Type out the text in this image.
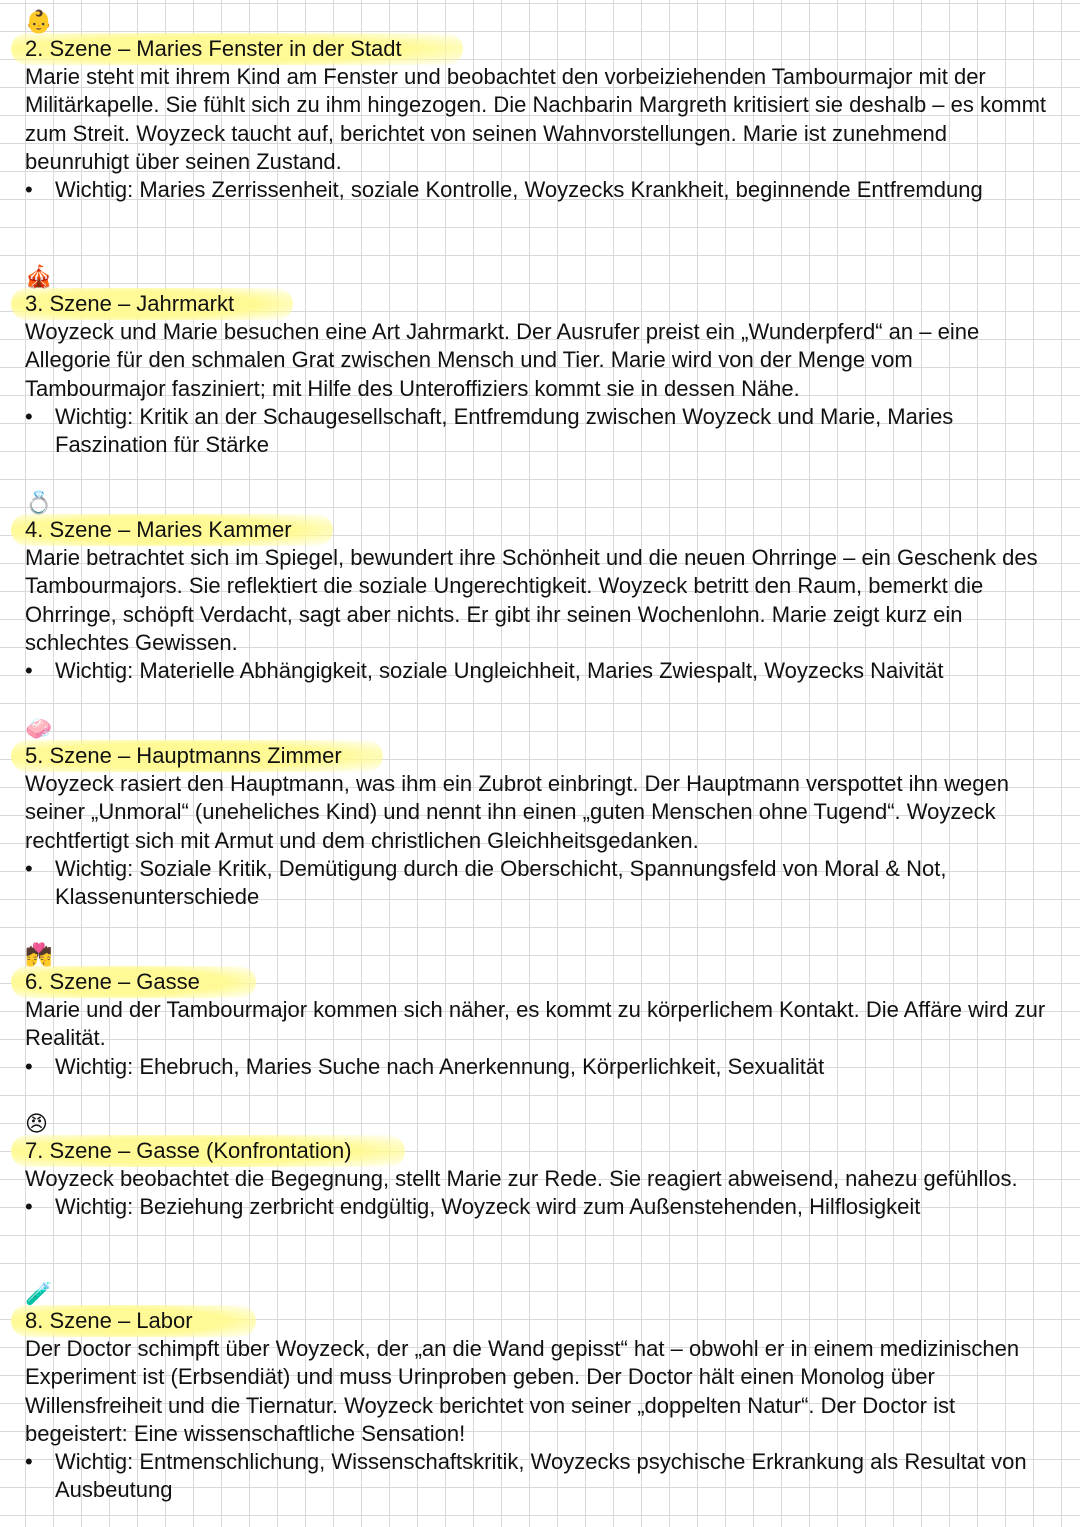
👶
2. Szene – Maries Fenster in der Stadt

Marie steht mit ihrem Kind am Fenster und beobachtet den vorbeiziehenden Tambourmajor mit der Militärkapelle. Sie fühlt sich zu ihm hingezogen. Die Nachbarin Margreth kritisiert sie deshalb – es kommt zum Streit. Woyzeck taucht auf, berichtet von seinen Wahnvorstellungen. Marie ist zunehmend beunruhigt über seinen Zustand.

• Wichtig: Maries Zerrissenheit, soziale Kontrolle, Woyzecks Krankheit, beginnende Entfremdung

🎪
3. Szene – Jahrmarkt

Woyzeck und Marie besuchen eine Art Jahrmarkt. Der Ausrufer preist ein „Wunderpferd“ an – eine Allegorie für den schmalen Grat zwischen Mensch und Tier. Marie wird von der Menge vom Tambourmajor fasziniert; mit Hilfe des Unteroffiziers kommt sie in dessen Nähe.

• Wichtig: Kritik an der Schaugesellschaft, Entfremdung zwischen Woyzeck und Marie, Maries Faszination für Stärke

💍
4. Szene – Maries Kammer

Marie betrachtet sich im Spiegel, bewundert ihre Schönheit und die neuen Ohrringe – ein Geschenk des Tambourmajors. Sie reflektiert die soziale Ungerechtigkeit. Woyzeck betritt den Raum, bemerkt die Ohrringe, schöpft Verdacht, sagt aber nichts. Er gibt ihr seinen Wochenlohn. Marie zeigt kurz ein schlechtes Gewissen.

• Wichtig: Materielle Abhängigkeit, soziale Ungleichheit, Maries Zwiespalt, Woyzecks Naivität

🧼
5. Szene – Hauptmanns Zimmer

Woyzeck rasiert den Hauptmann, was ihm ein Zubrot einbringt. Der Hauptmann verspottet ihn wegen seiner „Unmoral“ (uneheliches Kind) und nennt ihn einen „guten Menschen ohne Tugend“. Woyzeck rechtfertigt sich mit Armut und dem christlichen Gleichheitsgedanken.

• Wichtig: Soziale Kritik, Demütigung durch die Oberschicht, Spannungsfeld von Moral & Not, Klassenunterschiede

💏
6. Szene – Gasse

Marie und der Tambourmajor kommen sich näher, es kommt zu körperlichem Kontakt. Die Affäre wird zur Realität.

• Wichtig: Ehebruch, Maries Suche nach Anerkennung, Körperlichkeit, Sexualität

😠
7. Szene – Gasse (Konfrontation)

Woyzeck beobachtet die Begegnung, stellt Marie zur Rede. Sie reagiert abweisend, nahezu gefühllos.

• Wichtig: Beziehung zerbricht endgültig, Woyzeck wird zum Außenstehenden, Hilflosigkeit

🧪
8. Szene – Labor

Der Doctor schimpft über Woyzeck, der „an die Wand gepisst“ hat – obwohl er in einem medizinischen Experiment ist (Erbsendiät) und muss Urinproben geben. Der Doctor hält einen Monolog über Willensfreiheit und die Tiernatur. Woyzeck berichtet von seiner „doppelten Natur“. Der Doctor ist begeistert: Eine wissenschaftliche Sensation!

• Wichtig: Entmenschlichung, Wissenschaftskritik, Woyzecks psychische Erkrankung als Resultat von Ausbeutung
